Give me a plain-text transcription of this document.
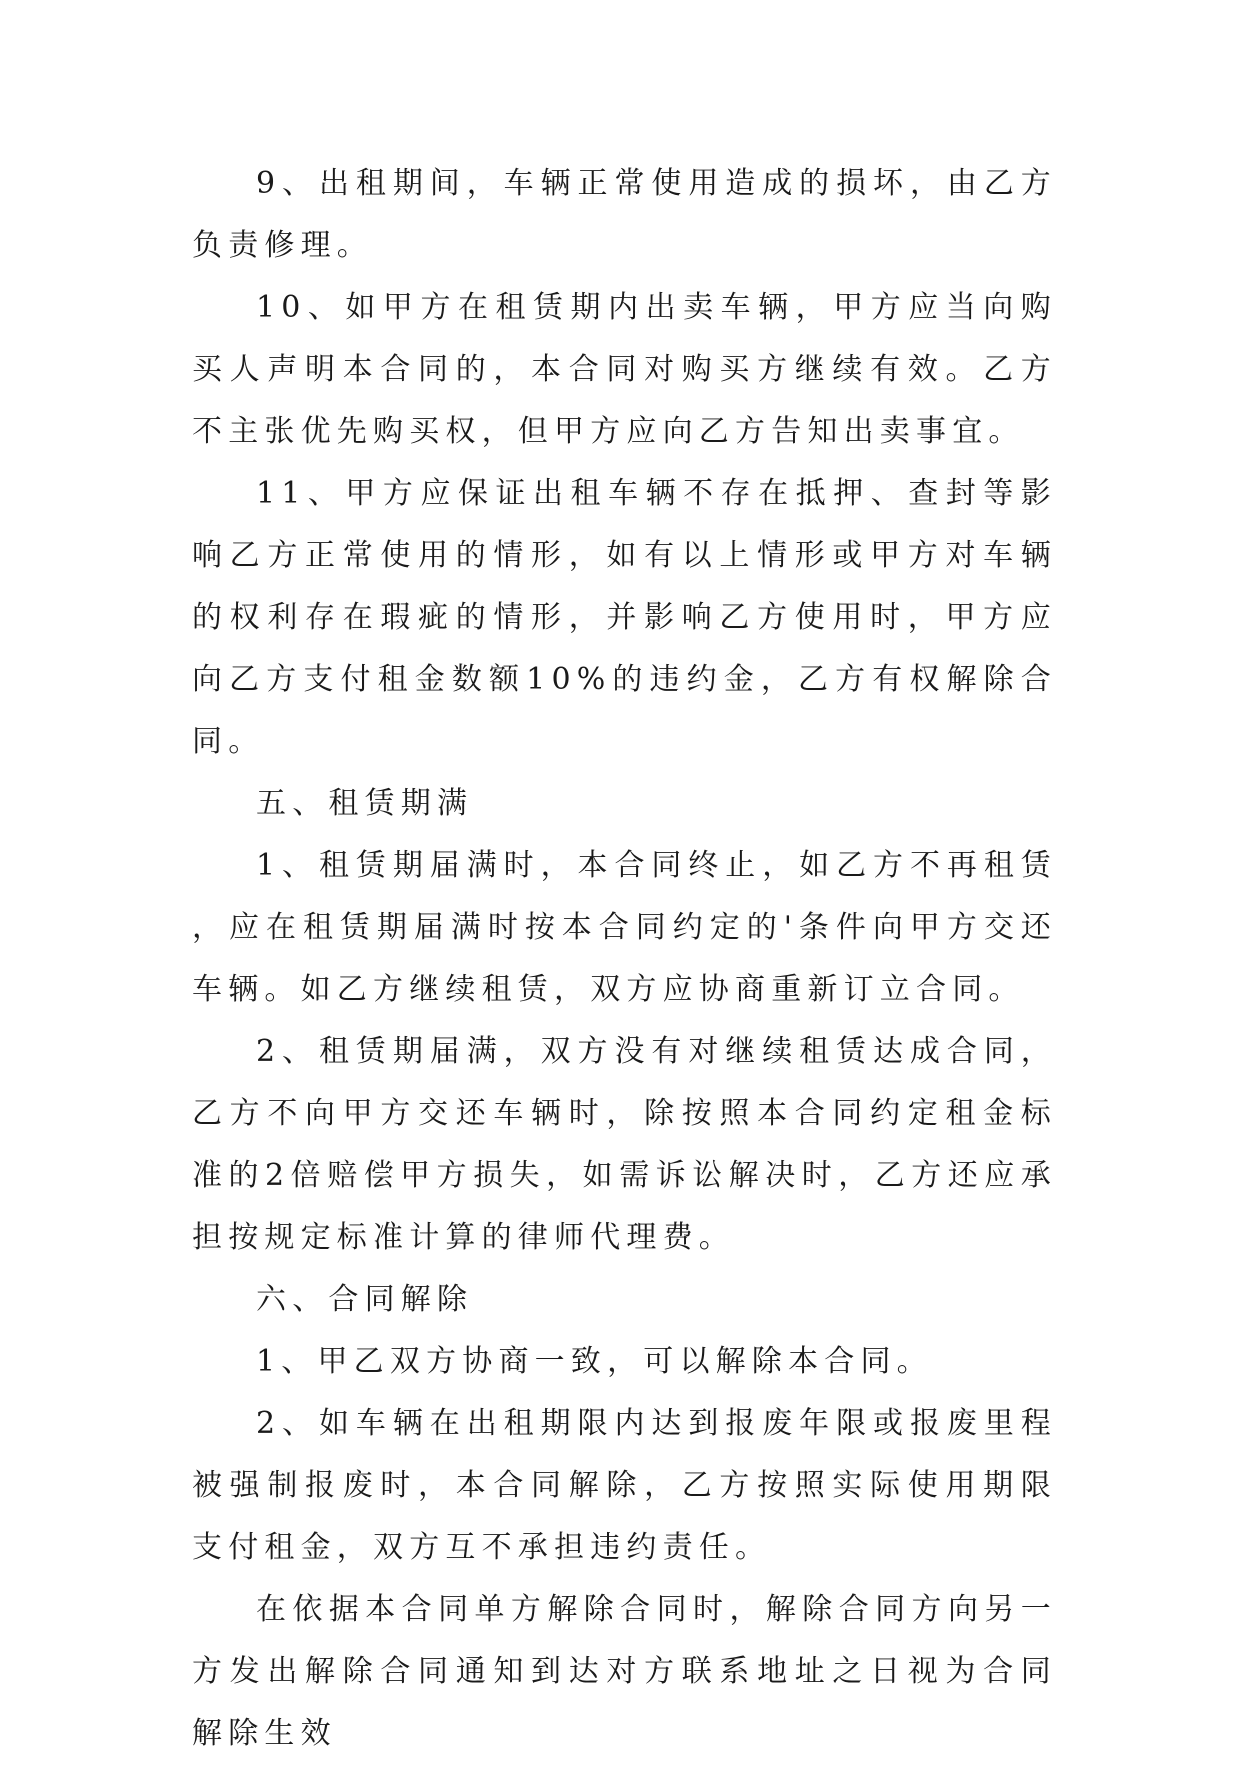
9、出租期间，车辆正常使用造成的损坏，由乙方负责修理。

10、如甲方在租赁期内出卖车辆，甲方应当向购买人声明本合同的，本合同对购买方继续有效。乙方不主张优先购买权，但甲方应向乙方告知出卖事宜。

11、甲方应保证出租车辆不存在抵押、查封等影响乙方正常使用的情形，如有以上情形或甲方对车辆的权利存在瑕疵的情形，并影响乙方使用时，甲方应向乙方支付租金数额10%的违约金，乙方有权解除合同。

五、租赁期满

1、租赁期届满时，本合同终止，如乙方不再租赁，应在租赁期届满时按本合同约定的'条件向甲方交还车辆。如乙方继续租赁，双方应协商重新订立合同。

2、租赁期届满，双方没有对继续租赁达成合同，乙方不向甲方交还车辆时，除按照本合同约定租金标准的2倍赔偿甲方损失，如需诉讼解决时，乙方还应承担按规定标准计算的律师代理费。

六、合同解除

1、甲乙双方协商一致，可以解除本合同。

2、如车辆在出租期限内达到报废年限或报废里程被强制报废时，本合同解除，乙方按照实际使用期限支付租金，双方互不承担违约责任。

在依据本合同单方解除合同时，解除合同方向另一方发出解除合同通知到达对方联系地址之日视为合同解除生效
